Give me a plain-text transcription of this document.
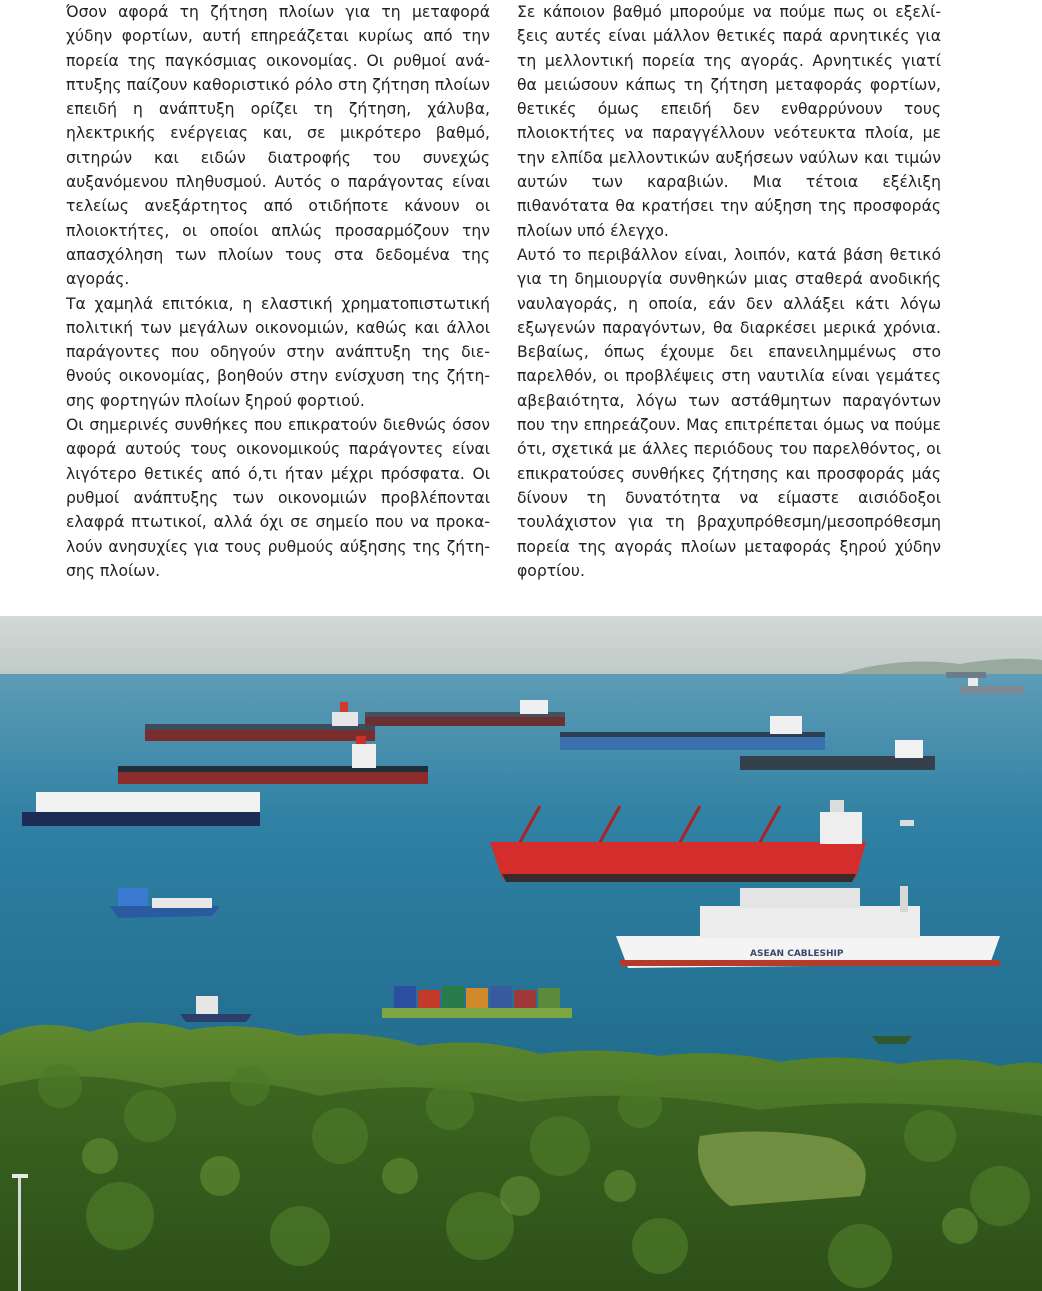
Όσον αφορά τη ζήτηση πλοίων για τη μεταφορά χύδην φορτίων, αυτή επηρεάζεται κυρίως από την πορεία της παγκόσμιας οικονομίας. Οι ρυθμοί ανάπτυξης παίζουν καθοριστικό ρόλο στη ζήτηση πλοίων επειδή η ανάπτυξη ορίζει τη ζήτηση, χάλυβα, ηλεκτρικής ενέργειας και, σε μικρότερο βαθμό, σιτηρών και ειδών διατροφής του συνεχώς αυξανόμενου πληθυσμού. Αυτός ο παράγοντας είναι τελείως ανεξάρτητος από οτιδήποτε κάνουν οι πλοιοκτήτες, οι οποίοι απλώς προσαρμόζουν την απασχόληση των πλοίων τους στα δεδομένα της αγοράς.

Τα χαμηλά επιτόκια, η ελαστική χρηματοπιστωτική πολιτική των μεγάλων οικονομιών, καθώς και άλλοι παράγοντες που οδηγούν στην ανάπτυξη της διεθνούς οικονομίας, βοηθούν στην ενίσχυση της ζήτησης φορτηγών πλοίων ξηρού φορτιού.

Οι σημερινές συνθήκες που επικρατούν διεθνώς όσον αφορά αυτούς τους οικονομικούς παράγοντες είναι λιγότερο θετικές από ό,τι ήταν μέχρι πρόσφατα. Οι ρυθμοί ανάπτυξης των οικονομιών προβλέπονται ελαφρά πτωτικοί, αλλά όχι σε σημείο που να προκαλούν ανησυχίες για τους ρυθμούς αύξησης της ζήτησης πλοίων.

Σε κάποιον βαθμό μπορούμε να πούμε πως οι εξελίξεις αυτές είναι μάλλον θετικές παρά αρνητικές για τη μελλοντική πορεία της αγοράς. Αρνητικές γιατί θα μειώσουν κάπως τη ζήτηση μεταφοράς φορτίων, θετικές όμως επειδή δεν ενθαρρύνουν τους πλοιοκτήτες να παραγγέλλουν νεότευκτα πλοία, με την ελπίδα μελλοντικών αυξήσεων ναύλων και τιμών αυτών των καραβιών. Μια τέτοια εξέλιξη πιθανότατα θα κρατήσει την αύξηση της προσφοράς πλοίων υπό έλεγχο.

Αυτό το περιβάλλον είναι, λοιπόν, κατά βάση θετικό για τη δημιουργία συνθηκών μιας σταθερά ανοδικής ναυλαγοράς, η οποία, εάν δεν αλλάξει κάτι λόγω εξωγενών παραγόντων, θα διαρκέσει μερικά χρόνια. Βεβαίως, όπως έχουμε δει επανειλημμένως στο παρελθόν, οι προβλέψεις στη ναυτιλία είναι γεμάτες αβεβαιότητα, λόγω των αστάθμητων παραγόντων που την επηρεάζουν. Μας επιτρέπεται όμως να πούμε ότι, σχετικά με άλλες περιόδους του παρελθόντος, οι επικρατούσες συνθήκες ζήτησης και προσφοράς μάς δίνουν τη δυνατότητα να είμαστε αισιόδοξοι τουλάχιστον για τη βραχυπρόθεσμη/μεσοπρόθεσμη πορεία της αγοράς πλοίων μεταφοράς ξηρού χύδην φορτίου.

ASEAN CABLESHIP
